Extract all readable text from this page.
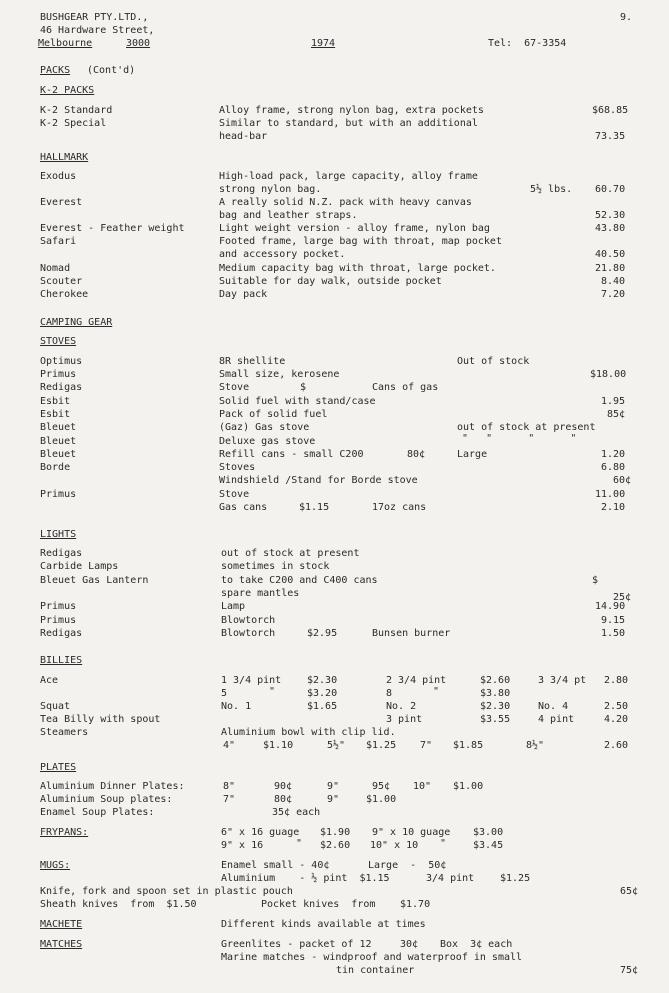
BUSHGEAR PTY.LTD.,
46 Hardware Street,
Melbourne	3000	1974	Tel:  67-3354
9.
PACKS (Cont'd)
K-2 PACKS
K-2 Standard	Alloy frame, strong nylon bag, extra pockets	$68.85
K-2 Special	Similar to standard, but with an additional
head-bar	73.35
HALLMARK
Exodus	High-load pack, large capacity, alloy frame
strong nylon bag.	5½ lbs. 60.70
Everest	A really solid N.Z. pack with heavy canvas
bag and leather straps.	52.30
Everest - Feather weight	Light weight version - alloy frame, nylon bag	43.80
Safari	Footed frame, large bag with throat, map pocket
and accessory pocket.	40.50
Nomad	Medium capacity bag with throat, large pocket.	21.80
Scouter	Suitable for day walk, outside pocket	8.40
Cherokee	Day pack	7.20
CAMPING GEAR
STOVES
Optimus	8R shellite	Out of stock
Primus	Small size, kerosene	$18.00
Redigas	Stove	$	Cans of gas
Esbit	Solid fuel with stand/case	1.95
Esbit	Pack of solid fuel	85¢
Bleuet	(Gaz) Gas stove	out of stock at present
Bleuet	Deluxe gas stove	"   "      "      "
Bleuet	Refill cans - small C200	80¢	Large	1.20
Borde	Stoves	6.80
Windshield /Stand for Borde stove	60¢
Primus	Stove	11.00
Gas cans	$1.15	17oz cans	2.10
LIGHTS
Redigas	out of stock at present
Carbide Lamps	sometimes in stock
Bleuet Gas Lantern	to take C200 and C400 cans	$
spare mantles	25¢
Primus	Lamp	14.90
Primus	Blowtorch	9.15
Redigas	Blowtorch	$2.95	Bunsen burner	1.50
BILLIES
Ace	1 3/4 pint	$2.30	2 3/4 pint	$2.60	3 3/4 pt 2.80
5	"	$3.20	8	"	$3.80
Squat	No. 1	$1.65	No. 2	$2.30	No. 4	2.50
Tea Billy with spout	3 pint	$3.55	4 pint	4.20
Steamers	Aluminium bowl with clip lid.
4"	$1.10	5½" $1.25 7" $1.85	8½"	2.60
PLATES
Aluminium Dinner Plates:	8"	90¢	9"	95¢ 10" $1.00
Aluminium Soup plates:	7"	80¢	9"	$1.00
Enamel Soup Plates:	35¢ each
FRYPANS:	6" x 16 guage $1.90 9" x 10 guage $3.00
9" x 16	" $2.60 10" x 10 "	$3.45
MUGS:	Enamel small - 40¢	Large  -  50¢
Aluminium    - ½ pint  $1.15	3/4 pint	$1.25
Knife, fork and spoon set in plastic pouch	65¢
Sheath knives  from  $1.50	Pocket knives  from $1.70
MACHETE	Different kinds available at times
MATCHES	Greenlites - packet of 12	30¢ Box  3¢ each
Marine matches - windproof and waterproof in small
tin container	75¢
